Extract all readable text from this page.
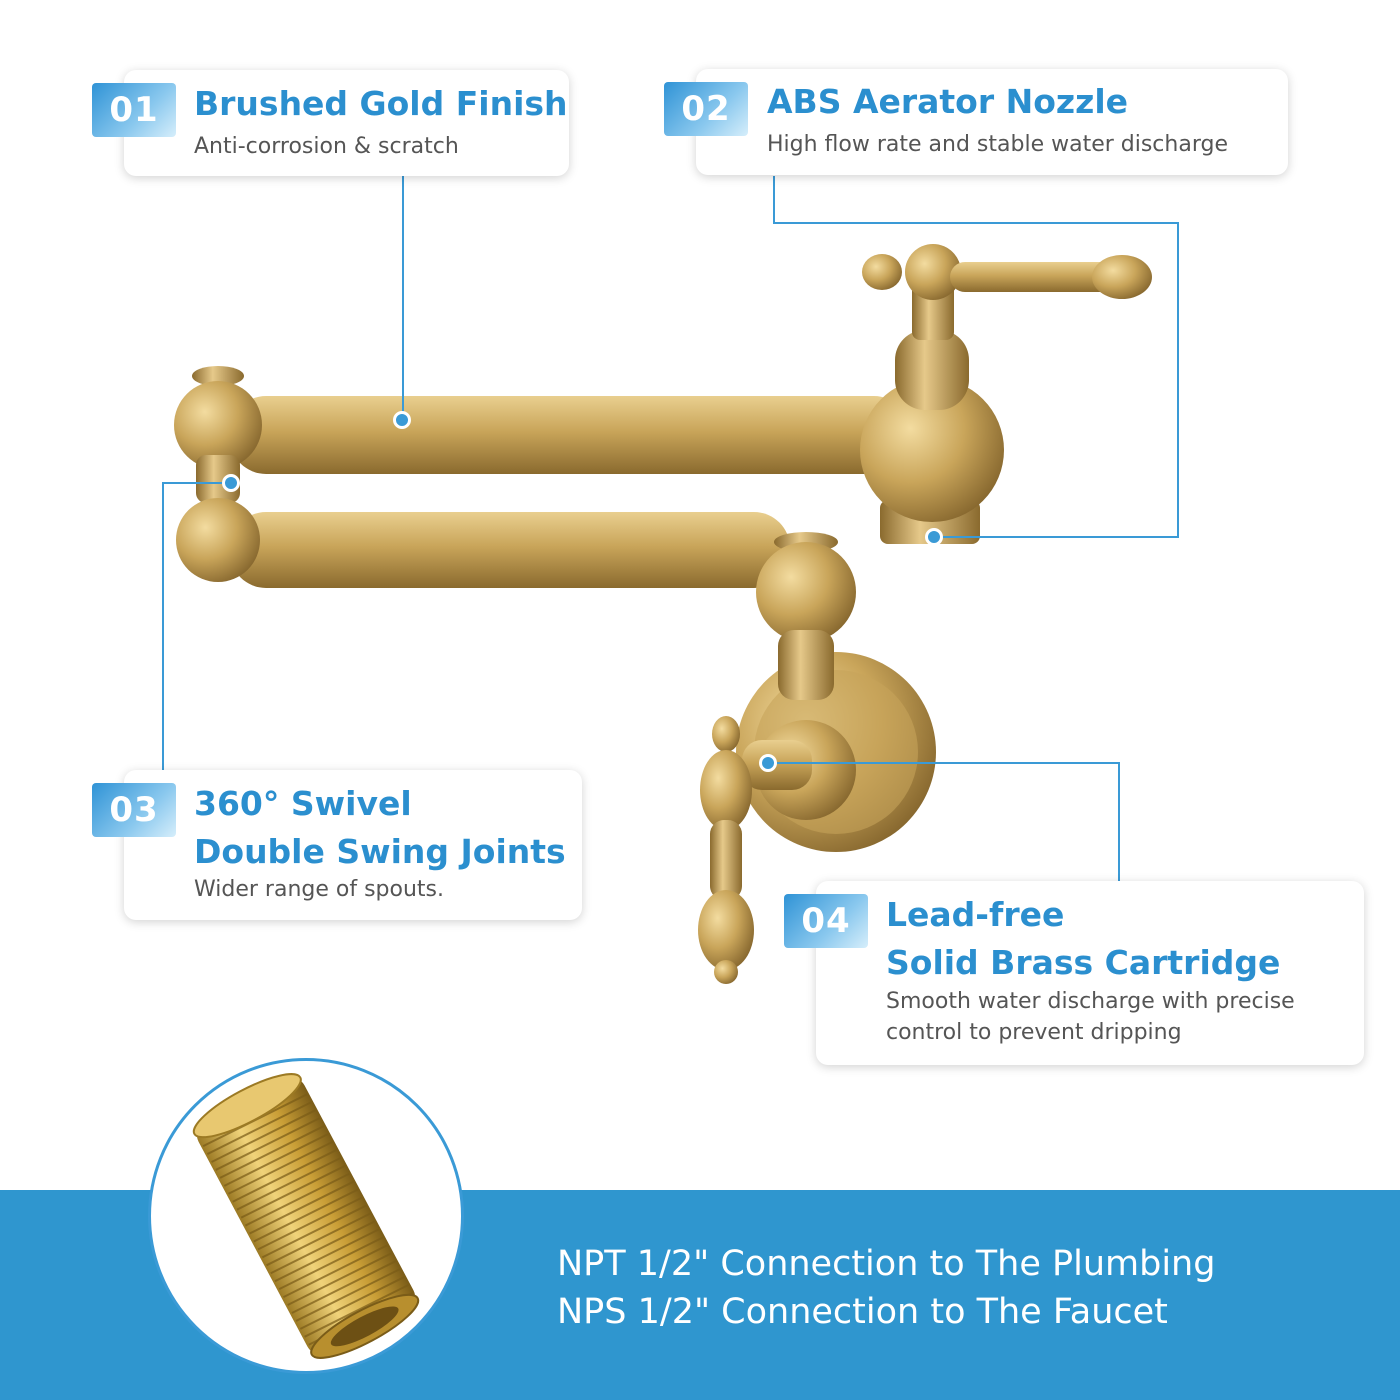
Brushed Gold Finish
Anti-corrosion & scratch
01	ABS Aerator Nozzle
High flow rate and stable water discharge
02
360° Swivel
Double Swing Joints
Wider range of spouts.
03
Lead-free
Solid Brass Cartridge
Smooth water discharge with precise
control to prevent dripping
04
NPT 1/2" Connection to The Plumbing
NPS 1/2" Connection to The Faucet
